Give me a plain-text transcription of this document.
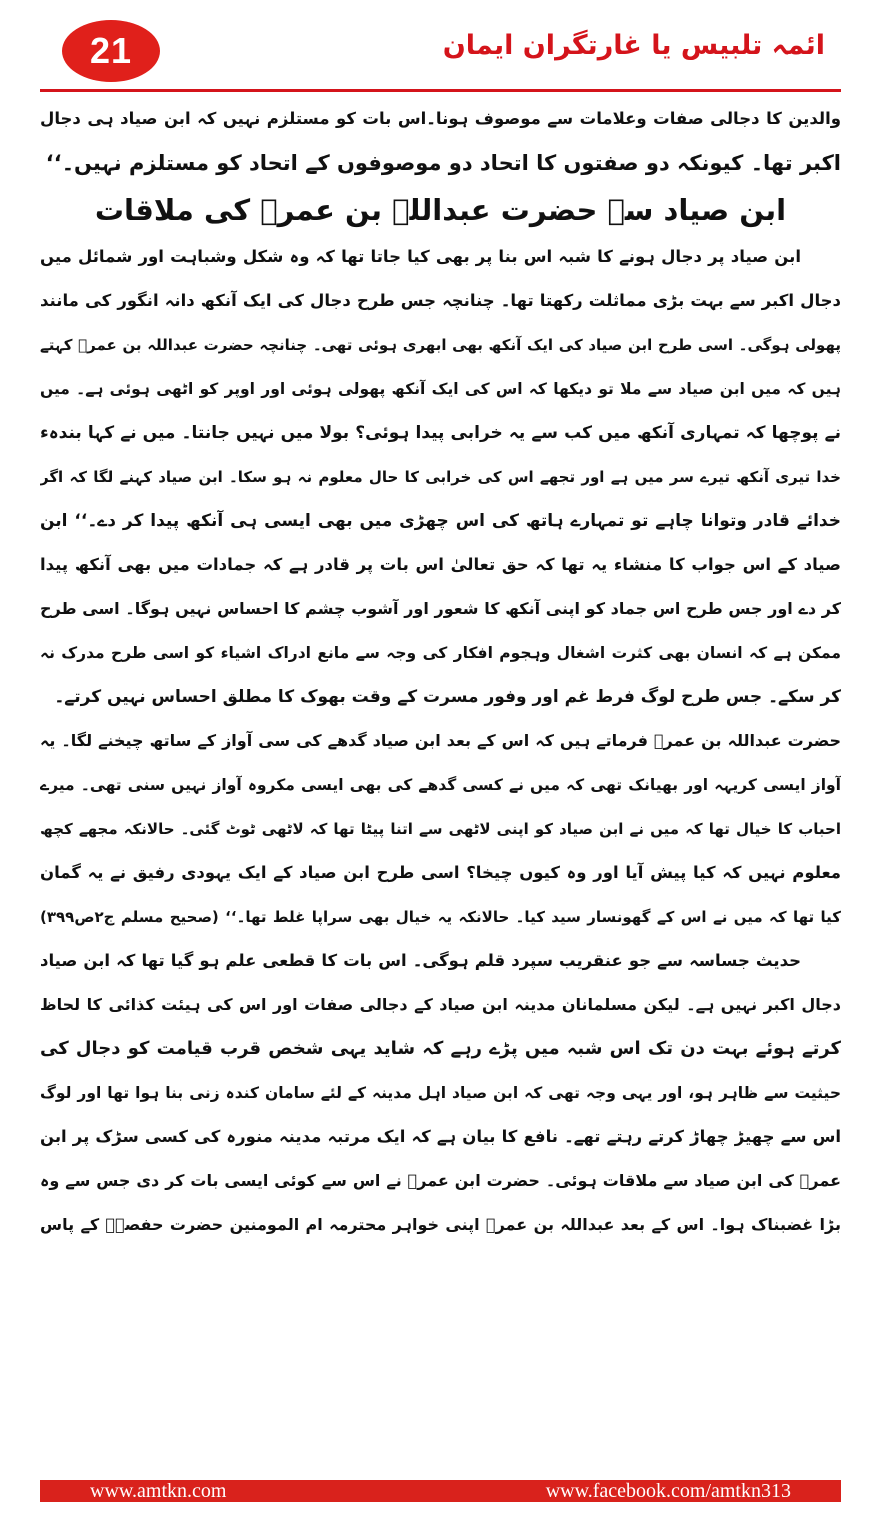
21	ائمہ تلبیس یا غارتگران ایمان
والدین کا دجالی صفات وعلامات سے موصوف ہونا۔اس بات کو مستلزم نہیں کہ ابن صیاد ہی دجال
اکبر تھا۔ کیونکہ دو صفتوں کا اتحاد دو موصوفوں کے اتحاد کو مستلزم نہیں۔‘‘
ابن صیاد سے حضرت عبداللہ بن عمرؓ کی ملاقات
ابن صیاد پر دجال ہونے کا شبہ اس بنا پر بھی کیا جاتا تھا کہ وہ شکل وشباہت اور شمائل میں
دجال اکبر سے بہت بڑی مماثلت رکھتا تھا۔ چنانچہ جس طرح دجال کی ایک آنکھ دانہ انگور کی مانند
پھولی ہوگی۔ اسی طرح ابن صیاد کی ایک آنکھ بھی ابھری ہوئی تھی۔ چنانچہ حضرت عبداللہ بن عمرؓ کہتے
ہیں کہ میں ابن صیاد سے ملا تو دیکھا کہ اس کی ایک آنکھ پھولی ہوئی اور اوپر کو اٹھی ہوئی ہے۔ میں
نے پوچھا کہ تمہاری آنکھ میں کب سے یہ خرابی پیدا ہوئی؟ بولا میں نہیں جانتا۔ میں نے کہا بندہء
خدا تیری آنکھ تیرے سر میں ہے اور تجھے اس کی خرابی کا حال معلوم نہ ہو سکا۔ ابن صیاد کہنے لگا کہ اگر
خدائے قادر وتوانا چاہے تو تمہارے ہاتھ کی اس چھڑی میں بھی ایسی ہی آنکھ پیدا کر دے۔‘‘ ابن
صیاد کے اس جواب کا منشاء یہ تھا کہ حق تعالیٰ اس بات پر قادر ہے کہ جمادات میں بھی آنکھ پیدا
کر دے اور جس طرح اس جماد کو اپنی آنکھ کا شعور اور آشوب چشم کا احساس نہیں ہوگا۔ اسی طرح
ممکن ہے کہ انسان بھی کثرت اشغال وہجوم افکار کی وجہ سے مانع ادراک اشیاء کو اسی طرح مدرک نہ
کر سکے۔ جس طرح لوگ فرط غم اور وفور مسرت کے وقت بھوک کا مطلق احساس نہیں کرتے۔
حضرت عبداللہ بن عمرؓ فرماتے ہیں کہ اس کے بعد ابن صیاد گدھے کی سی آواز کے ساتھ چیخنے لگا۔ یہ
آواز ایسی کریہہ اور بھیانک تھی کہ میں نے کسی گدھے کی بھی ایسی مکروہ آواز نہیں سنی تھی۔ میرے
احباب کا خیال تھا کہ میں نے ابن صیاد کو اپنی لاٹھی سے اتنا پیٹا تھا کہ لاٹھی ٹوٹ گئی۔ حالانکہ مجھے کچھ
معلوم نہیں کہ کیا پیش آیا اور وہ کیوں چیخا؟ اسی طرح ابن صیاد کے ایک یہودی رفیق نے یہ گمان
کیا تھا کہ میں نے اس کے گھونسار سید کیا۔ حالانکہ یہ خیال بھی سراپا غلط تھا۔‘‘ (صحیح مسلم ج۲ص۳۹۹)
حدیث جساسہ سے جو عنقریب سپرد قلم ہوگی۔ اس بات کا قطعی علم ہو گیا تھا کہ ابن صیاد
دجال اکبر نہیں ہے۔ لیکن مسلمانان مدینہ ابن صیاد کے دجالی صفات اور اس کی ہیئت کذائی کا لحاظ
کرتے ہوئے بہت دن تک اس شبہ میں پڑے رہے کہ شاید یہی شخص قرب قیامت کو دجال کی
حیثیت سے ظاہر ہو، اور یہی وجہ تھی کہ ابن صیاد اہل مدینہ کے لئے سامان کندہ زنی بنا ہوا تھا اور لوگ
اس سے چھیڑ چھاڑ کرتے رہتے تھے۔ نافع کا بیان ہے کہ ایک مرتبہ مدینہ منورہ کی کسی سڑک پر ابن
عمرؓ کی ابن صیاد سے ملاقات ہوئی۔ حضرت ابن عمرؓ نے اس سے کوئی ایسی بات کر دی جس سے وہ
بڑا غضبناک ہوا۔ اس کے بعد عبداللہ بن عمرؓ اپنی خواہر محترمہ ام المومنین حضرت حفصہؓ کے پاس
www.amtkn.com	www.facebook.com/amtkn313
